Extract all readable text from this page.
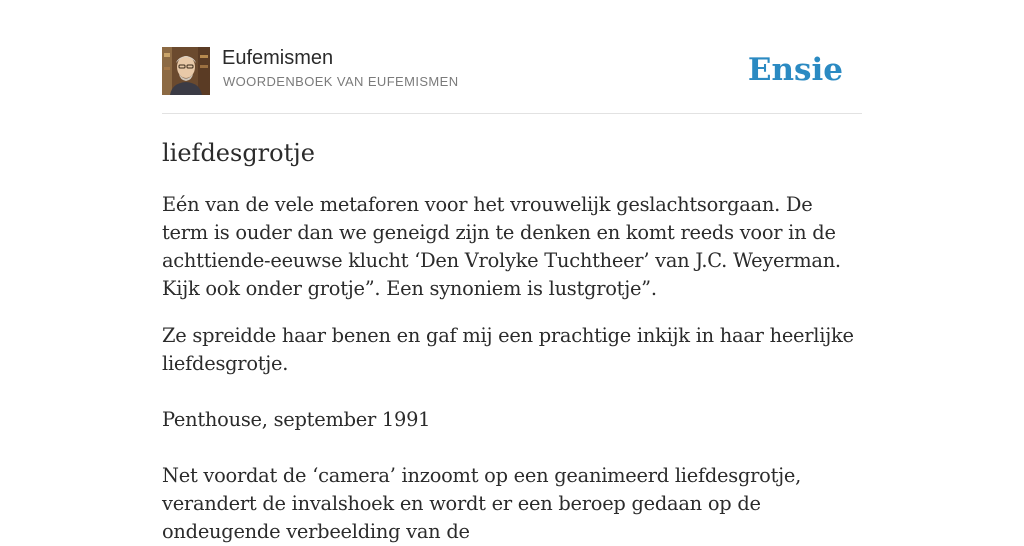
Eufemismen
WOORDENBOEK VAN EUFEMISMEN	Ensie
liefdesgrotje

Eén van de vele metaforen voor het vrouwelijk geslachtsorgaan. De term is ouder dan we geneigd zijn te denken en komt reeds voor in de achttiende-eeuwse klucht ‘Den Vrolyke Tuchtheer’ van J.C. Weyerman. Kijk ook onder grotje”. Een synoniem is lustgrotje”.

Ze spreidde haar benen en gaf mij een prachtige inkijk in haar heerlijke liefdesgrotje.

Penthouse, september 1991

Net voordat de ‘camera’ inzoomt op een geanimeerd liefdesgrotje, verandert de invalshoek en wordt er een beroep gedaan op de ondeugende verbeelding van de
